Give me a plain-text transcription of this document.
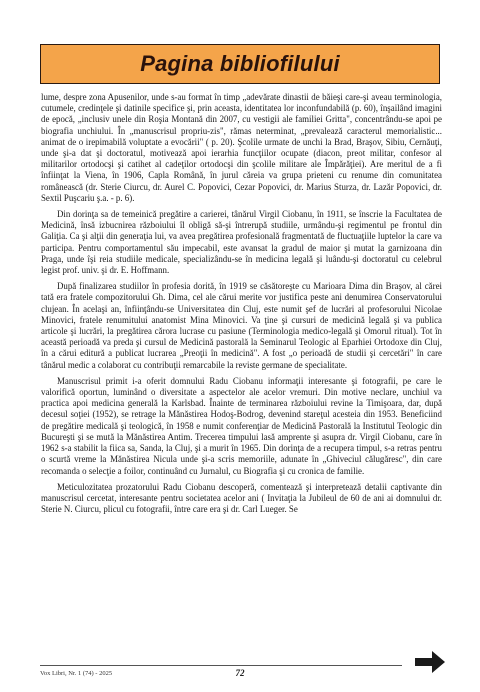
Pagina bibliofilului

lume, despre zona Apusenilor, unde s-au format în timp „adevărate dinastii de băieşi care-şi aveau terminologia, cutumele, credinţele şi datinile specifice şi, prin aceasta, identitatea lor inconfundabilă (p. 60), înşailând imagini de epocă, „inclusiv unele din Roşia Montană din 2007, cu vestigii ale familiei Gritta", concentrându-se apoi pe biografia unchiului. În „manuscrisul propriu-zis", rămas neterminat, „prevalează caracterul memorialistic... animat de o irepimabilă voluptate a evocării" ( p. 20). Şcolile urmate de unchi la Brad, Braşov, Sibiu, Cernăuţi, unde şi-a dat şi doctoratul, motivează apoi ierarhia funcţiilor ocupate (diacon, preot militar, confesor al militarilor ortodocşi şi catihet al cadeţilor ortodocşi din şcolile militare ale Împărăţiei). Are meritul de a fi înfiinţat la Viena, în 1906, Capla Română, în jurul căreia va grupa prieteni cu renume din comunitatea românească (dr. Sterie Ciurcu, dr. Aurel C. Popovici, Cezar Popovici, dr. Marius Sturza, dr. Lazăr Popovici, dr. Sextil Puşcariu ş.a. - p. 6).

Din dorinţa sa de temeinică pregătire a carierei, tânărul Virgil Ciobanu, în 1911, se înscrie la Facultatea de Medicină, însă izbucnirea războiului îl obligă să-şi întrerupă studiile, urmându-şi regimentul pe frontul din Galiţia. Ca şi alţii din generaţia lui, va avea pregătirea profesională fragmentată de fluctuaţiile luptelor la care va participa. Pentru comportamentul său impecabil, este avansat la gradul de maior şi mutat la garnizoana din Praga, unde îşi reia studiile medicale, specializându-se în medicina legală şi luându-şi doctoratul cu celebrul legist prof. univ. şi dr. E. Hoffmann.

După finalizarea studiilor în profesia dorită, în 1919 se căsătoreşte cu Marioara Dima din Braşov, al cărei tată era fratele compozitorului Gh. Dima, cel ale cărui merite vor justifica peste ani denumirea Conservatorului clujean. În acelaşi an, înfiinţându-se Universitatea din Cluj, este numit şef de lucrări al profesorului Nicolae Minovici, fratele renumitului anatomist Mina Minovici. Va ţine şi cursuri de medicină legală şi va publica articole şi lucrări, la pregătirea cărora lucrase cu pasiune (Terminologia medico-legală şi Omorul ritual). Tot în această perioadă va preda şi cursul de Medicină pastorală la Seminarul Teologic al Eparhiei Ortodoxe din Cluj, în a cărui editură a publicat lucrarea „Preoţii în medicină". A fost „o perioadă de studii şi cercetări" în care tânărul medic a colaborat cu contribuţii remarcabile la reviste germane de specialitate.

Manuscrisul primit i-a oferit domnului Radu Ciobanu informaţii interesante şi fotografii, pe care le valorifică oportun, luminând o diversitate a aspectelor ale acelor vremuri. Din motive neclare, unchiul va practica apoi medicina generală la Karlsbad. Înainte de terminarea războiului revine la Timişoara, dar, după decesul soţiei (1952), se retrage la Mănăstirea Hodoş-Bodrog, devenind stareţul acesteia din 1953. Beneficiind de pregătire medicală şi teologică, în 1958 e numit conferenţiar de Medicină Pastorală la Institutul Teologic din Bucureşti şi se mută la Mănăstirea Antim. Trecerea timpului lasă amprente şi asupra dr. Virgil Ciobanu, care în 1962 s-a stabilit la fiica sa, Sanda, la Cluj, şi a murit în 1965. Din dorinţa de a recupera timpul, s-a retras pentru o scurtă vreme la Mănăstirea Nicula unde şi-a scris memoriile, adunate în „Ghiveciul călugăresc", din care recomanda o selecţie a foilor, continuând cu Jurnalul, cu Biografia şi cu cronica de familie.

Meticulozitatea prozatorului Radu Ciobanu descoperă, comentează şi interpretează detalii captivante din manuscrisul cercetat, interesante pentru societatea acelor ani ( Invitaţia la Jubileul de 60 de ani ai domnului dr. Sterie N. Ciurcu, plicul cu fotografii, între care era şi dr. Carl Lueger. Se

Vox Libri, Nr. 1 (74) - 2025	72
